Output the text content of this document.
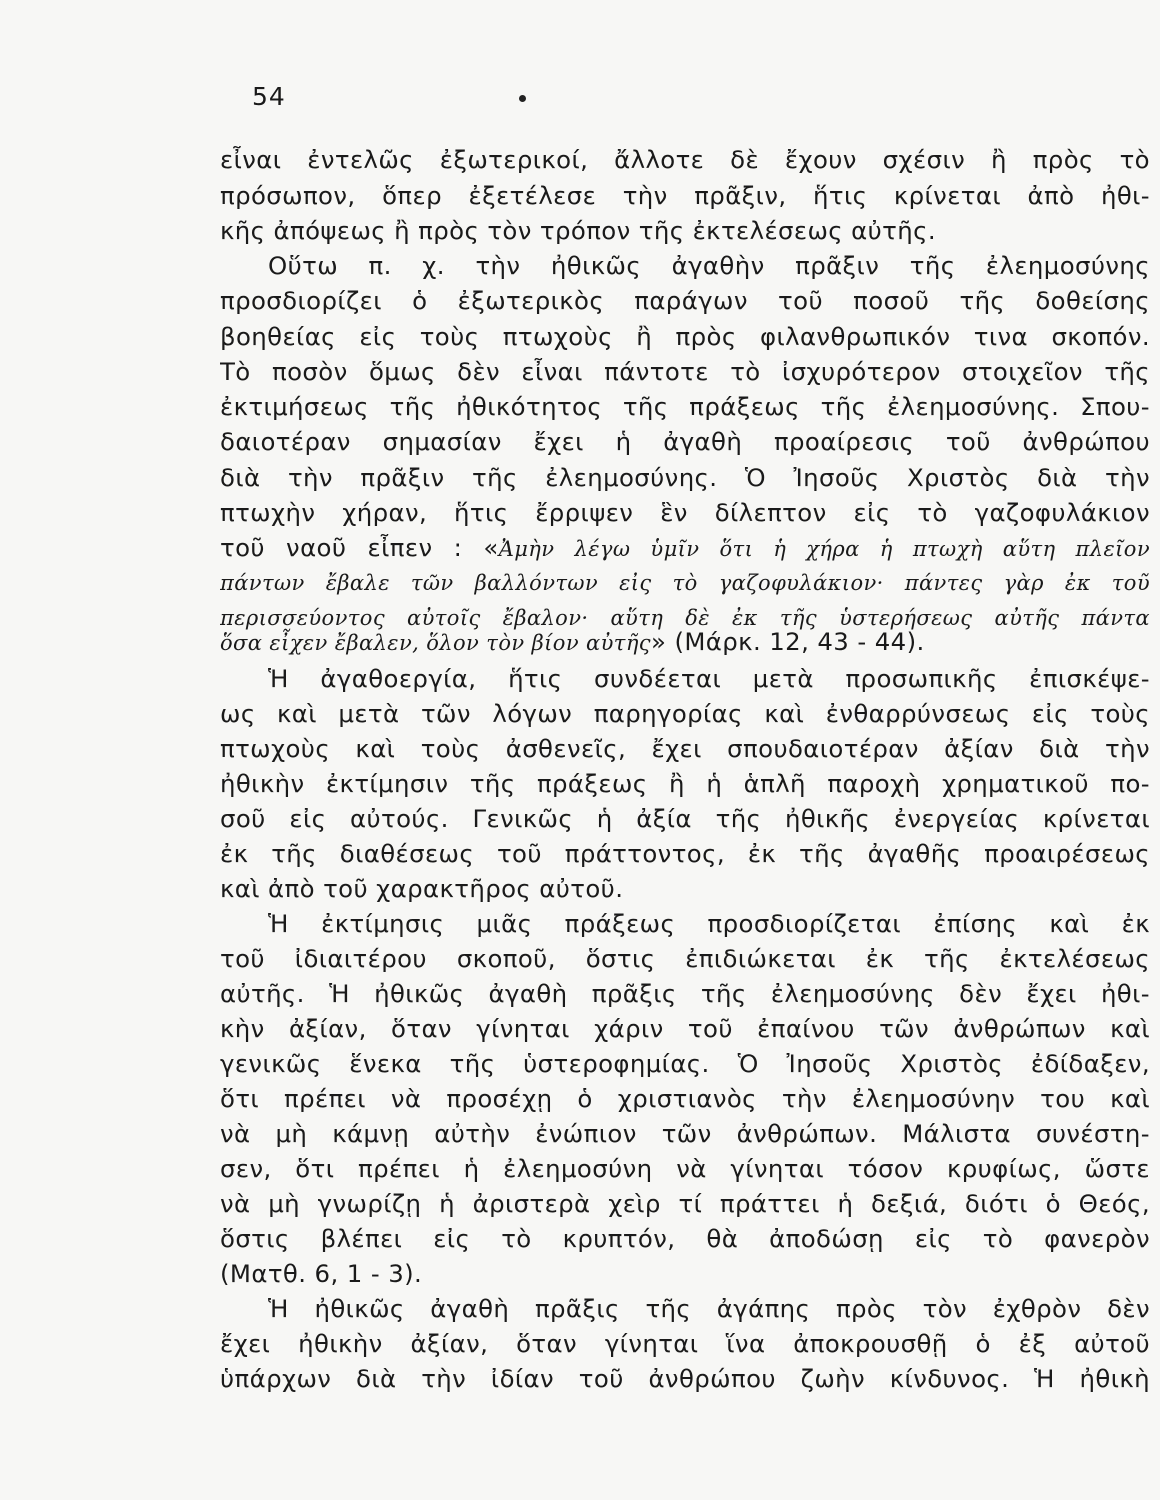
54
εἶναι ἐντελῶς ἐξωτερικοί, ἄλλοτε δὲ ἔχουν σχέσιν ἢ πρὸς τὸ
πρόσωπον, ὅπερ ἐξετέλεσε τὴν πρᾶξιν, ἥτις κρίνεται ἀπὸ ἠθι-
κῆς ἀπόψεως ἢ πρὸς τὸν τρόπον τῆς ἐκτελέσεως αὐτῆς.
Οὕτω π. χ. τὴν ἠθικῶς ἀγαθὴν πρᾶξιν τῆς ἐλεημοσύνης
προσδιορίζει ὁ ἐξωτερικὸς παράγων τοῦ ποσοῦ τῆς δοθείσης
βοηθείας εἰς τοὺς πτωχοὺς ἢ πρὸς φιλανθρωπικόν τινα σκοπόν.
Τὸ ποσὸν ὅμως δὲν εἶναι πάντοτε τὸ ἰσχυρότερον στοιχεῖον τῆς
ἐκτιμήσεως τῆς ἠθικότητος τῆς πράξεως τῆς ἐλεημοσύνης. Σπου-
δαιοτέραν σημασίαν ἔχει ἡ ἀγαθὴ προαίρεσις τοῦ ἀνθρώπου
διὰ τὴν πρᾶξιν τῆς ἐλεημοσύνης. Ὁ Ἰησοῦς Χριστὸς διὰ τὴν
πτωχὴν χήραν, ἥτις ἔρριψεν ἓν δίλεπτον εἰς τὸ γαζοφυλάκιον
τοῦ ναοῦ εἶπεν : «Ἀμὴν λέγω ὑμῖν ὅτι ἡ χήρα ἡ πτωχὴ αὕτη πλεῖον
πάντων ἔβαλε τῶν βαλλόντων εἰς τὸ γαζοφυλάκιον· πάντες γὰρ ἐκ τοῦ
περισσεύοντος αὐτοῖς ἔβαλον· αὕτη δὲ ἐκ τῆς ὑστερήσεως αὐτῆς πάντα
ὅσα εἶχεν ἔβαλεν, ὅλον τὸν βίον αὐτῆς» (Μάρκ. 12, 43 - 44).
Ἡ ἀγαθοεργία, ἥτις συνδέεται μετὰ προσωπικῆς ἐπισκέψε-
ως καὶ μετὰ τῶν λόγων παρηγορίας καὶ ἐνθαρρύνσεως εἰς τοὺς
πτωχοὺς καὶ τοὺς ἀσθενεῖς, ἔχει σπουδαιοτέραν ἀξίαν διὰ τὴν
ἠθικὴν ἐκτίμησιν τῆς πράξεως ἢ ἡ ἁπλῆ παροχὴ χρηματικοῦ πο-
σοῦ εἰς αὐτούς. Γενικῶς ἡ ἀξία τῆς ἠθικῆς ἐνεργείας κρίνεται
ἐκ τῆς διαθέσεως τοῦ πράττοντος, ἐκ τῆς ἀγαθῆς προαιρέσεως
καὶ ἀπὸ τοῦ χαρακτῆρος αὐτοῦ.
Ἡ ἐκτίμησις μιᾶς πράξεως προσδιορίζεται ἐπίσης καὶ ἐκ
τοῦ ἰδιαιτέρου σκοποῦ, ὅστις ἐπιδιώκεται ἐκ τῆς ἐκτελέσεως
αὐτῆς. Ἡ ἠθικῶς ἀγαθὴ πρᾶξις τῆς ἐλεημοσύνης δὲν ἔχει ἠθι-
κὴν ἀξίαν, ὅταν γίνηται χάριν τοῦ ἐπαίνου τῶν ἀνθρώπων καὶ
γενικῶς ἕνεκα τῆς ὑστεροφημίας. Ὁ Ἰησοῦς Χριστὸς ἐδίδαξεν,
ὅτι πρέπει νὰ προσέχῃ ὁ χριστιανὸς τὴν ἐλεημοσύνην του καὶ
νὰ μὴ κάμνῃ αὐτὴν ἐνώπιον τῶν ἀνθρώπων. Μάλιστα συνέστη-
σεν, ὅτι πρέπει ἡ ἐλεημοσύνη νὰ γίνηται τόσον κρυφίως, ὥστε
νὰ μὴ γνωρίζῃ ἡ ἀριστερὰ χεὶρ τί πράττει ἡ δεξιά, διότι ὁ Θεός,
ὅστις βλέπει εἰς τὸ κρυπτόν, θὰ ἀποδώσῃ εἰς τὸ φανερὸν
(Ματθ. 6, 1 - 3).
Ἡ ἠθικῶς ἀγαθὴ πρᾶξις τῆς ἀγάπης πρὸς τὸν ἐχθρὸν δὲν
ἔχει ἠθικὴν ἀξίαν, ὅταν γίνηται ἵνα ἀποκρουσθῇ ὁ ἐξ αὐτοῦ
ὑπάρχων διὰ τὴν ἰδίαν τοῦ ἀνθρώπου ζωὴν κίνδυνος. Ἡ ἠθικὴ
